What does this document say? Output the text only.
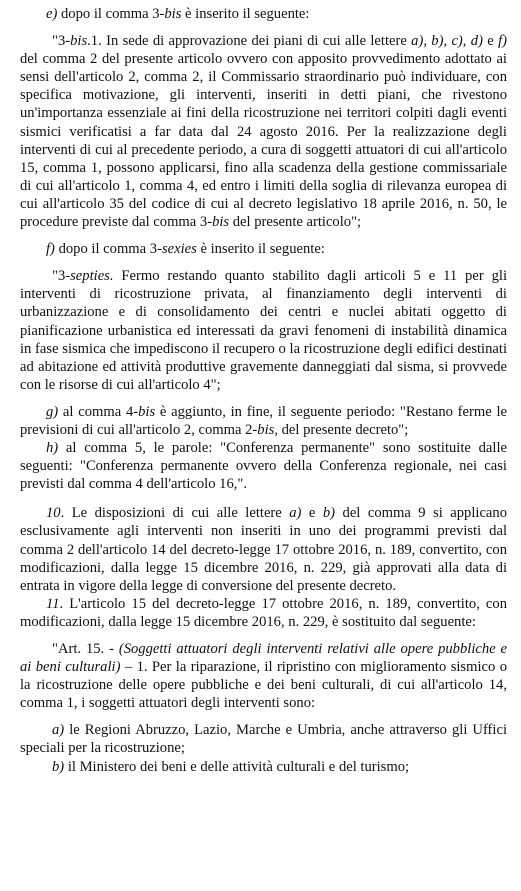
e) dopo il comma 3-bis è inserito il seguente:

"3-bis.1. In sede di approvazione dei piani di cui alle lettere a), b), c), d) e f) del comma 2 del presente articolo ovvero con apposito provvedimento adottato ai sensi dell'articolo 2, comma 2, il Commissario straordinario può individuare, con specifica motivazione, gli interventi, inseriti in detti piani, che rivestono un'importanza essenziale ai fini della ricostruzione nei territori colpiti dagli eventi sismici verificatisi a far data dal 24 agosto 2016. Per la realizzazione degli interventi di cui al precedente periodo, a cura di soggetti attuatori di cui all'articolo 15, comma 1, possono applicarsi, fino alla scadenza della gestione commissariale di cui all'articolo 1, comma 4, ed entro i limiti della soglia di rilevanza europea di cui all'articolo 35 del codice di cui al decreto legislativo 18 aprile 2016, n. 50, le procedure previste dal comma 3-bis del presente articolo";

f) dopo il comma 3-sexies è inserito il seguente:

"3-septies. Fermo restando quanto stabilito dagli articoli 5 e 11 per gli interventi di ricostruzione privata, al finanziamento degli interventi di urbanizzazione e di consolidamento dei centri e nuclei abitati oggetto di pianificazione urbanistica ed interessati da gravi fenomeni di instabilità dinamica in fase sismica che impediscono il recupero o la ricostruzione degli edifici destinati ad abitazione ed attività produttive gravemente danneggiati dal sisma, si provvede con le risorse di cui all'articolo 4";

g) al comma 4-bis è aggiunto, in fine, il seguente periodo: "Restano ferme le previsioni di cui all'articolo 2, comma 2-bis, del presente decreto";

h) al comma 5, le parole: "Conferenza permanente" sono sostituite dalle seguenti: "Conferenza permanente ovvero della Conferenza regionale, nei casi previsti dal comma 4 dell'articolo 16,".

10. Le disposizioni di cui alle lettere a) e b) del comma 9 si applicano esclusivamente agli interventi non inseriti in uno dei programmi previsti dal comma 2 dell'articolo 14 del decreto-legge 17 ottobre 2016, n. 189, convertito, con modificazioni, dalla legge 15 dicembre 2016, n. 229, già approvati alla data di entrata in vigore della legge di conversione del presente decreto.

11. L'articolo 15 del decreto-legge 17 ottobre 2016, n. 189, convertito, con modificazioni, dalla legge 15 dicembre 2016, n. 229, è sostituito dal seguente:

"Art. 15. - (Soggetti attuatori degli interventi relativi alle opere pubbliche e ai beni culturali) – 1. Per la riparazione, il ripristino con miglioramento sismico o la ricostruzione delle opere pubbliche e dei beni culturali, di cui all'articolo 14, comma 1, i soggetti attuatori degli interventi sono:

a) le Regioni Abruzzo, Lazio, Marche e Umbria, anche attraverso gli Uffici speciali per la ricostruzione;

b) il Ministero dei beni e delle attività culturali e del turismo;
